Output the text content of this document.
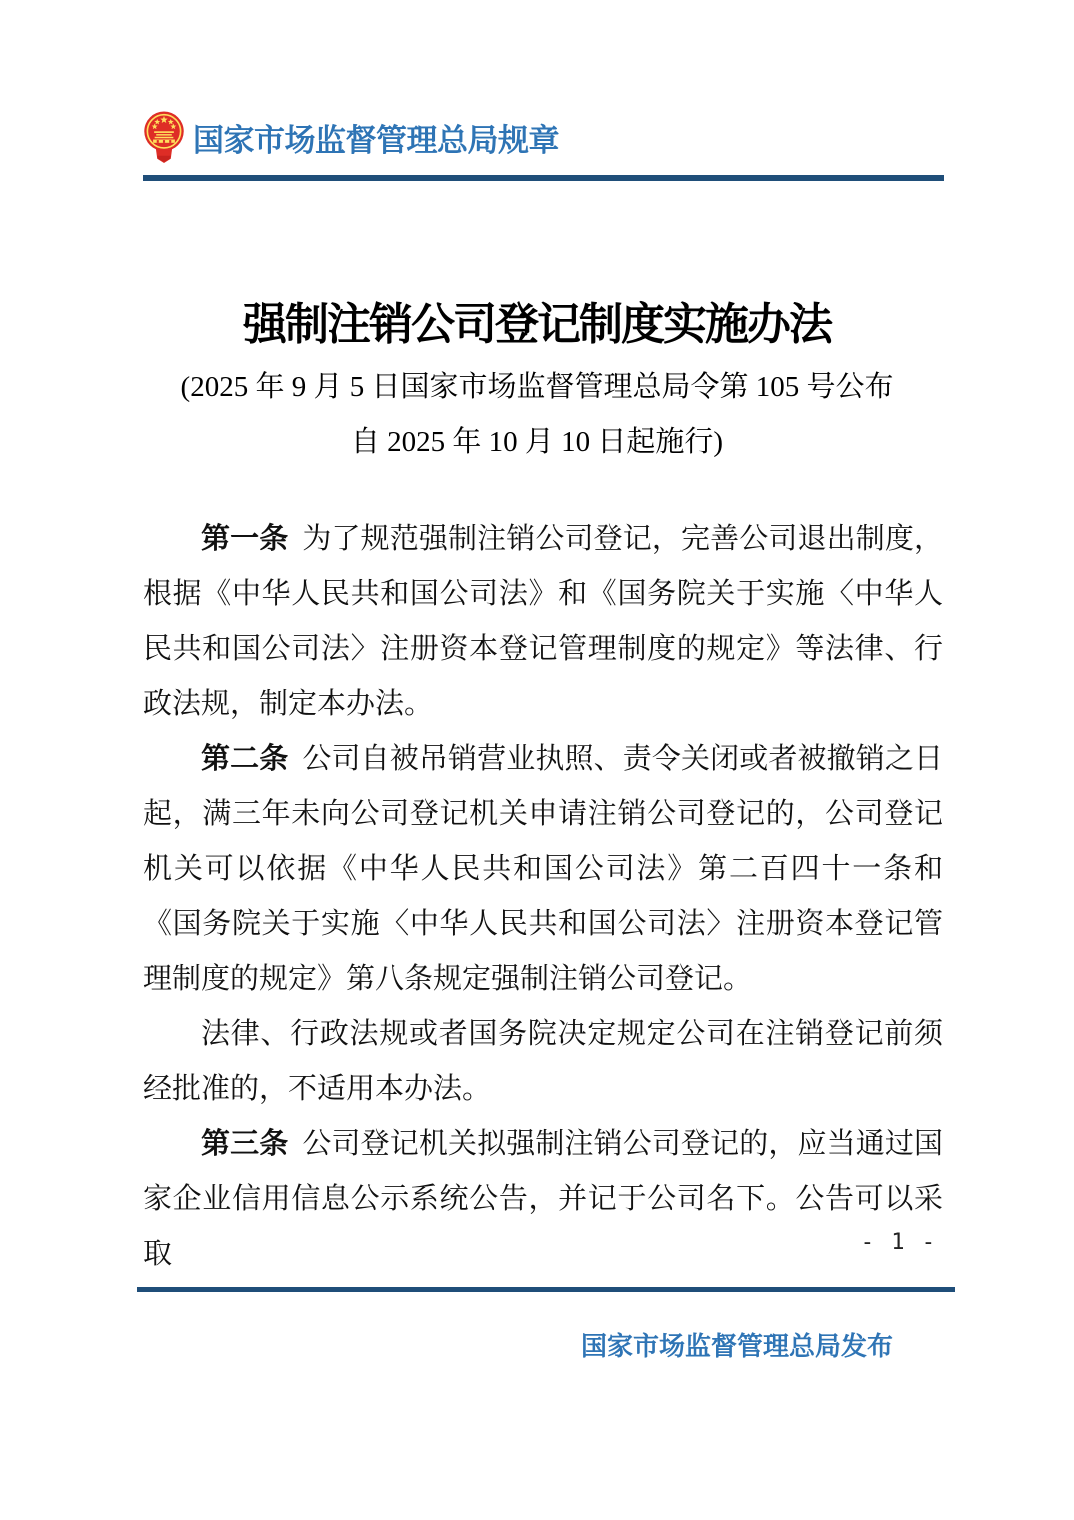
国家市场监督管理总局规章
强制注销公司登记制度实施办法
(2025 年 9 月 5 日国家市场监督管理总局令第 105 号公布
自 2025 年 10 月 10 日起施行)
第一条 为了规范强制注销公司登记，完善公司退出制度，根据《中华人民共和国公司法》和《国务院关于实施〈中华人民共和国公司法〉注册资本登记管理制度的规定》等法律、行政法规，制定本办法。
第二条 公司自被吊销营业执照、责令关闭或者被撤销之日起，满三年未向公司登记机关申请注销公司登记的，公司登记机关可以依据《中华人民共和国公司法》第二百四十一条和《国务院关于实施〈中华人民共和国公司法〉注册资本登记管理制度的规定》第八条规定强制注销公司登记。
法律、行政法规或者国务院决定规定公司在注销登记前须经批准的，不适用本办法。
第三条 公司登记机关拟强制注销公司登记的，应当通过国家企业信用信息公示系统公告，并记于公司名下。公告可以采取	- 1 -
国家市场监督管理总局发布
